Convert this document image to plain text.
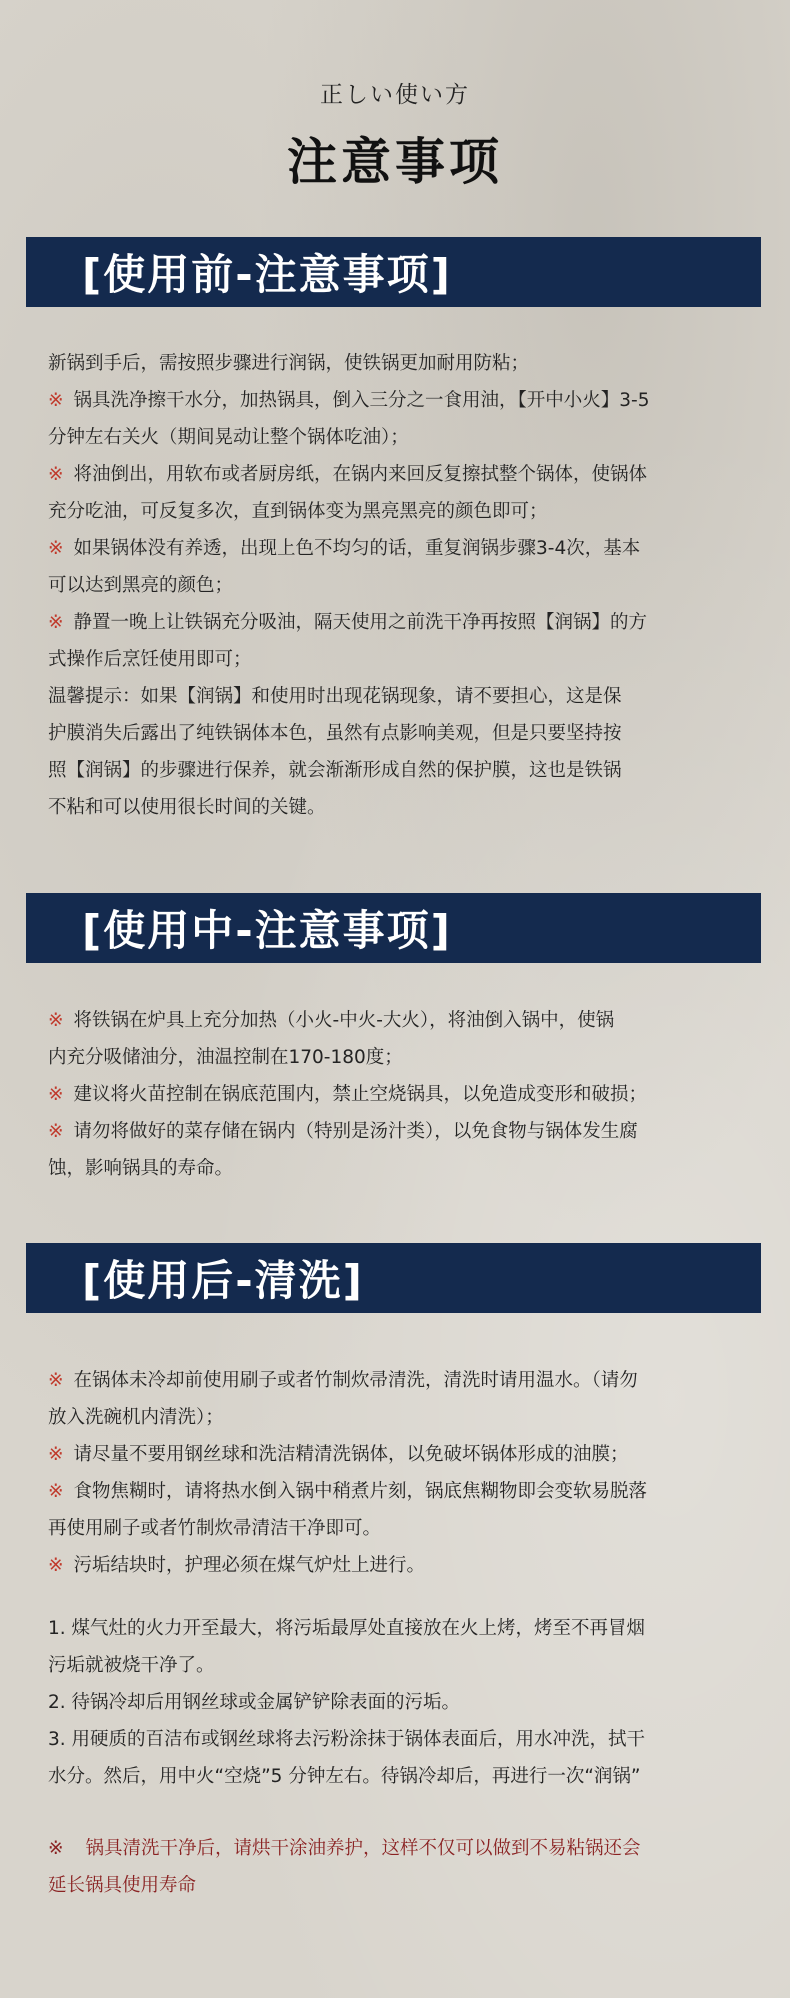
正しい使い方
注意事项
[使用前-注意事项]
新锅到手后，需按照步骤进行润锅，使铁锅更加耐用防粘；
※ 锅具洗净擦干水分，加热锅具，倒入三分之一食用油，【开中小火】3-5
分钟左右关火（期间晃动让整个锅体吃油）；
※ 将油倒出，用软布或者厨房纸，在锅内来回反复擦拭整个锅体，使锅体
充分吃油，可反复多次，直到锅体变为黑亮黑亮的颜色即可；
※ 如果锅体没有养透，出现上色不均匀的话，重复润锅步骤3-4次，基本
可以达到黑亮的颜色；
※ 静置一晚上让铁锅充分吸油，隔天使用之前洗干净再按照【润锅】的方
式操作后烹饪使用即可；
温馨提示：如果【润锅】和使用时出现花锅现象，请不要担心，这是保
护膜消失后露出了纯铁锅体本色，虽然有点影响美观，但是只要坚持按
照【润锅】的步骤进行保养，就会渐渐形成自然的保护膜，这也是铁锅
不粘和可以使用很长时间的关键。
[使用中-注意事项]
※ 将铁锅在炉具上充分加热（小火-中火-大火），将油倒入锅中，使锅
内充分吸储油分，油温控制在170-180度；
※ 建议将火苗控制在锅底范围内，禁止空烧锅具，以免造成变形和破损；
※ 请勿将做好的菜存储在锅内（特别是汤汁类），以免食物与锅体发生腐
蚀，影响锅具的寿命。
[使用后-清洗]
※ 在锅体未冷却前使用刷子或者竹制炊帚清洗，清洗时请用温水。（请勿
放入洗碗机内清洗）；
※ 请尽量不要用钢丝球和洗洁精清洗锅体，以免破坏锅体形成的油膜；
※ 食物焦糊时，请将热水倒入锅中稍煮片刻，锅底焦糊物即会变软易脱落
再使用刷子或者竹制炊帚清洁干净即可。
※ 污垢结块时，护理必须在煤气炉灶上进行。
1. 煤气灶的火力开至最大，将污垢最厚处直接放在火上烤，烤至不再冒烟
污垢就被烧干净了。
2. 待锅冷却后用钢丝球或金属铲铲除表面的污垢。
3. 用硬质的百洁布或钢丝球将去污粉涂抹于锅体表面后，用水冲洗，拭干
水分。然后，用中火“空烧”5 分钟左右。待锅冷却后，再进行一次“润锅”
※ 锅具清洗干净后，请烘干涂油养护，这样不仅可以做到不易粘锅还会
延长锅具使用寿命
